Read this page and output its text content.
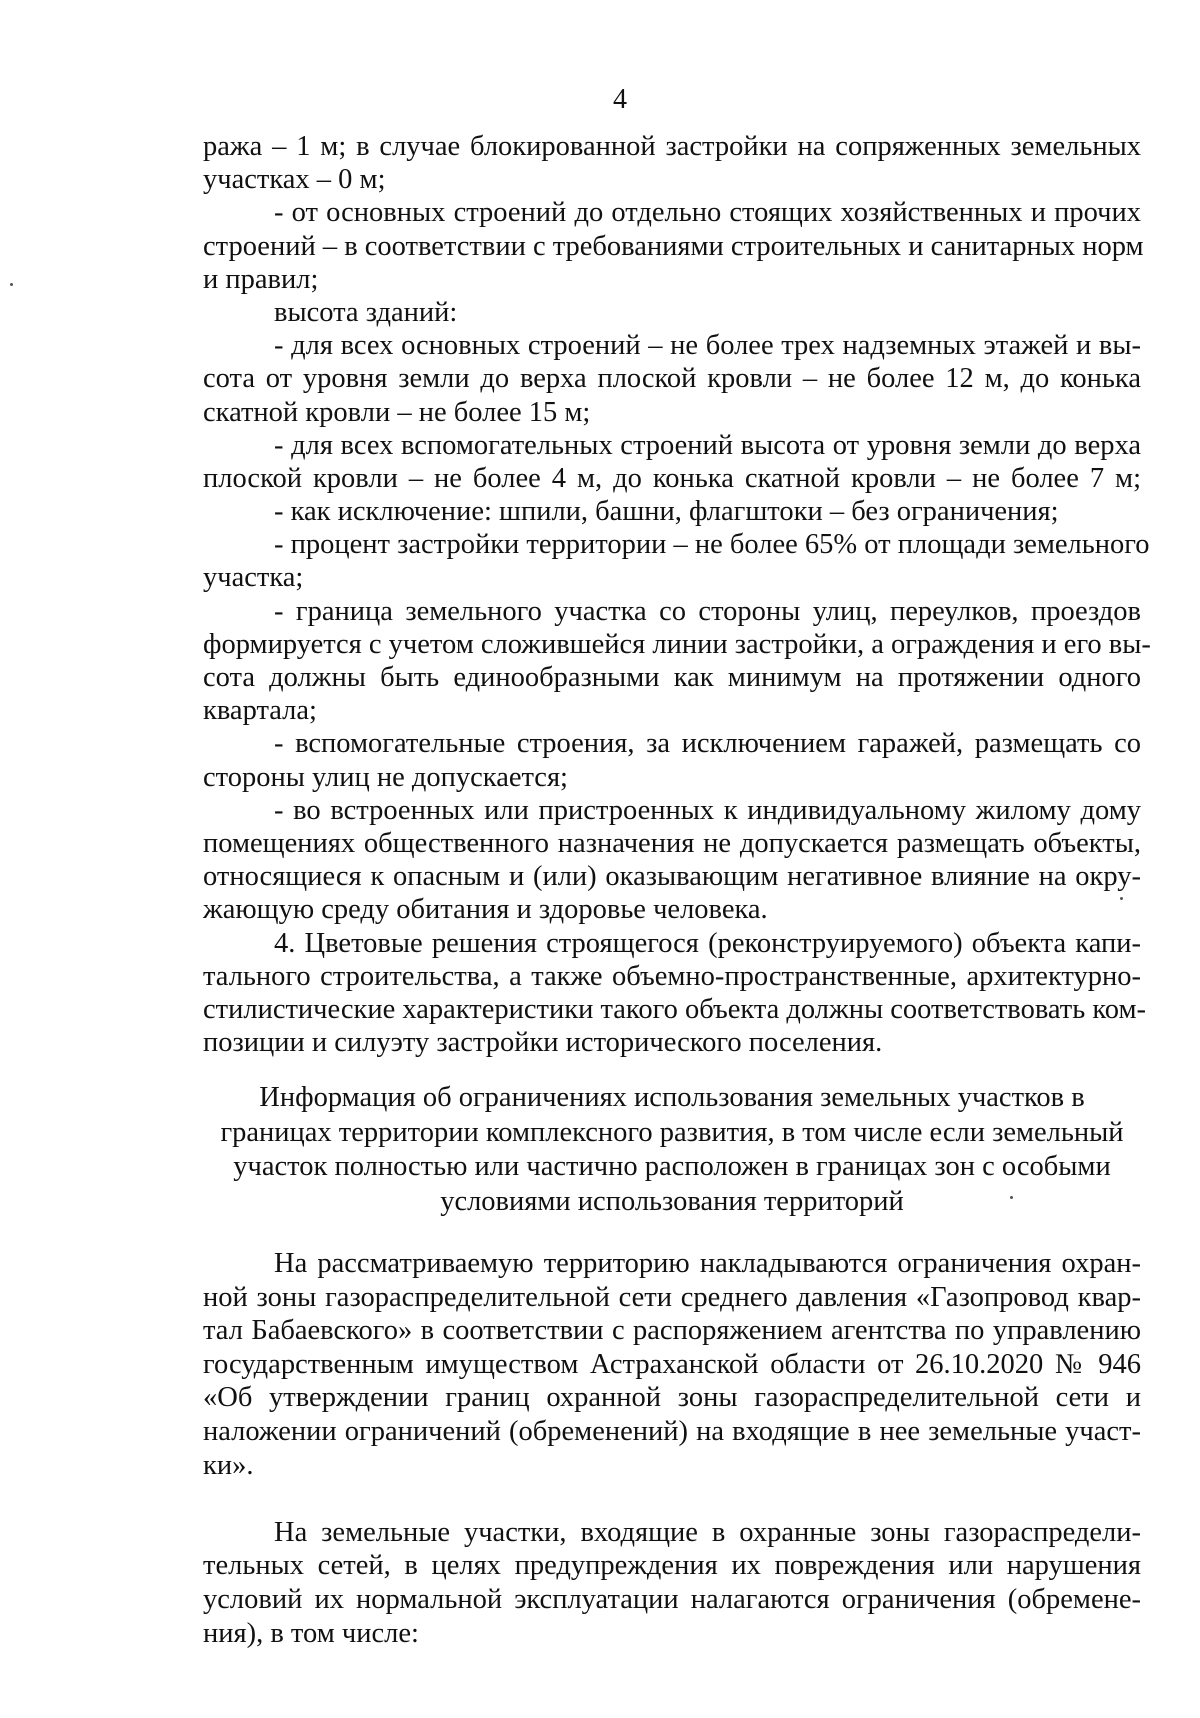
4
ража – 1 м; в случае блокированной застройки на сопряженных земельных
участках – 0 м;
- от основных строений до отдельно стоящих хозяйственных и прочих
строений – в соответствии с требованиями строительных и санитарных норм
и правил;
высота зданий:
- для всех основных строений – не более трех надземных этажей и вы-
сота от уровня земли до верха плоской кровли – не более 12 м, до конька
скатной кровли – не более 15 м;
- для всех вспомогательных строений высота от уровня земли до верха
плоской кровли – не более 4 м, до конька скатной кровли – не более 7 м;
- как исключение: шпили, башни, флагштоки – без ограничения;
- процент застройки территории – не более 65% от площади земельного
участка;
- граница земельного участка со стороны улиц, переулков, проездов
формируется с учетом сложившейся линии застройки, а ограждения и его вы-
сота должны быть единообразными как минимум на протяжении одного
квартала;
- вспомогательные строения, за исключением гаражей, размещать со
стороны улиц не допускается;
- во встроенных или пристроенных к индивидуальному жилому дому
помещениях общественного назначения не допускается размещать объекты,
относящиеся к опасным и (или) оказывающим негативное влияние на окру-
жающую среду обитания и здоровье человека.
4. Цветовые решения строящегося (реконструируемого) объекта капи-
тального строительства, а также объемно-пространственные, архитектурно-
стилистические характеристики такого объекта должны соответствовать ком-
позиции и силуэту застройки исторического поселения.
Информация об ограничениях использования земельных участков в
границах территории комплексного развития, в том числе если земельный
участок полностью или частично расположен в границах зон с особыми
условиями использования территорий
На рассматриваемую территорию накладываются ограничения охран-
ной зоны газораспределительной сети среднего давления «Газопровод квар-
тал Бабаевского» в соответствии с распоряжением агентства по управлению
государственным имуществом Астраханской области от 26.10.2020 № 946
«Об утверждении границ охранной зоны газораспределительной сети и
наложении ограничений (обременений) на входящие в нее земельные участ-
ки».
На земельные участки, входящие в охранные зоны газораспредели-
тельных сетей, в целях предупреждения их повреждения или нарушения
условий их нормальной эксплуатации налагаются ограничения (обремене-
ния), в том числе:
